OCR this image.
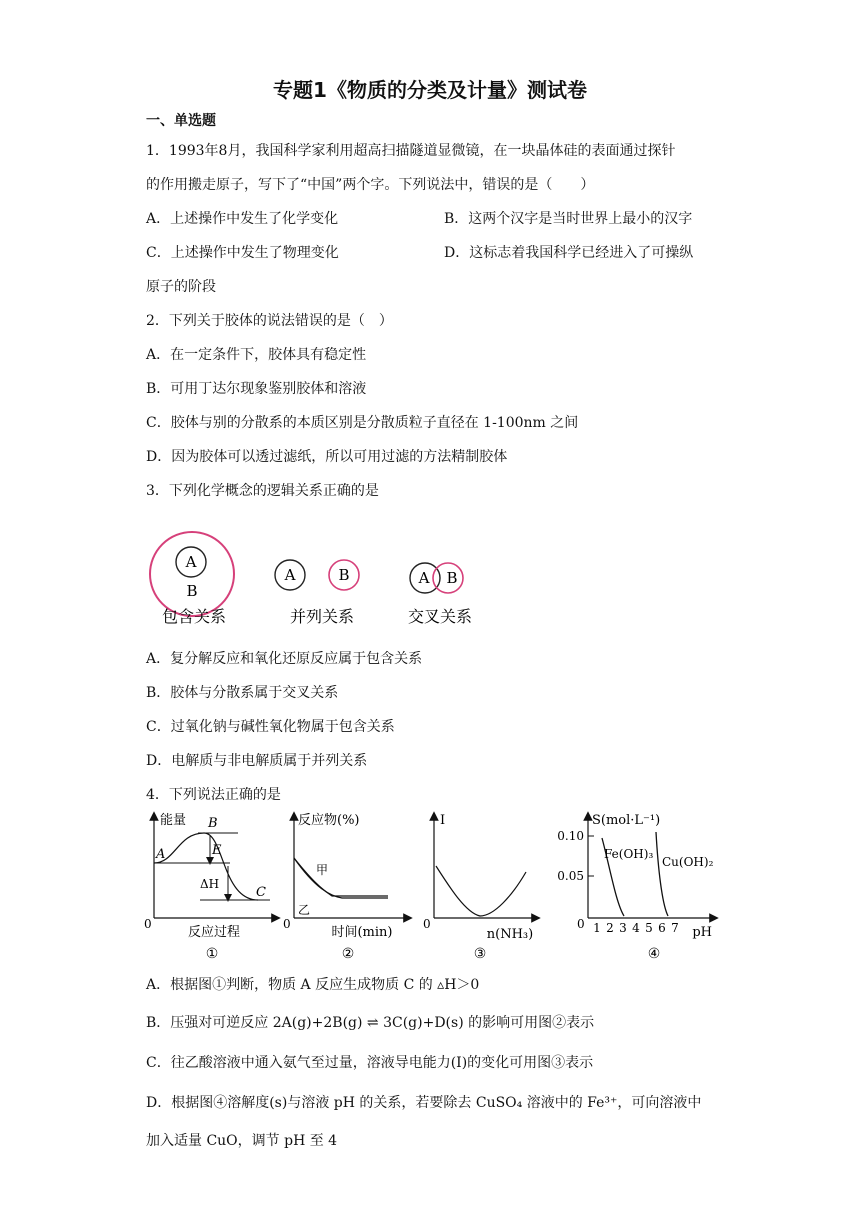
专题1《物质的分类及计量》测试卷
一、单选题
1．1993年8月，我国科学家利用超高扫描隧道显微镜，在一块晶体硅的表面通过探针
的作用搬走原子，写下了“中国”两个字。下列说法中，错误的是（　　）
A．上述操作中发生了化学变化	B．这两个汉字是当时世界上最小的汉字
C．上述操作中发生了物理变化	D．这标志着我国科学已经进入了可操纵
原子的阶段
2．下列关于胶体的说法错误的是（　）
A．在一定条件下，胶体具有稳定性
B．可用丁达尔现象鉴别胶体和溶液
C．胶体与别的分散系的本质区别是分散质粒子直径在 1-100nm 之间
D．因为胶体可以透过滤纸，所以可用过滤的方法精制胶体
3．下列化学概念的逻辑关系正确的是
A
B
包含关系
A	B
并列关系
A B
交叉关系
A．复分解反应和氧化还原反应属于包含关系
B．胶体与分散系属于交叉关系
C．过氧化钠与碱性氧化物属于包含关系
D．电解质与非电解质属于并列关系
4．下列说法正确的是
能量
0
反应过程
A
B
E
ΔH
C
①
反应物(%)
0
时间(min)
甲
乙
②
I
0
n(NH₃)
③
S(mol·L⁻¹)
0
0.10
0.05
1 2 3 4 5 6 7 pH
Fe(OH)₃
Cu(OH)₂
④
A．根据图①判断，物质 A 反应生成物质 C 的 ▵H＞0
B．压强对可逆反应 2A(g)+2B(g) ⇌ 3C(g)+D(s) 的影响可用图②表示
C．往乙酸溶液中通入氨气至过量，溶液导电能力(I)的变化可用图③表示
D．根据图④溶解度(s)与溶液 pH 的关系，若要除去 CuSO₄ 溶液中的 Fe³⁺，可向溶液中
加入适量 CuO，调节 pH 至 4
